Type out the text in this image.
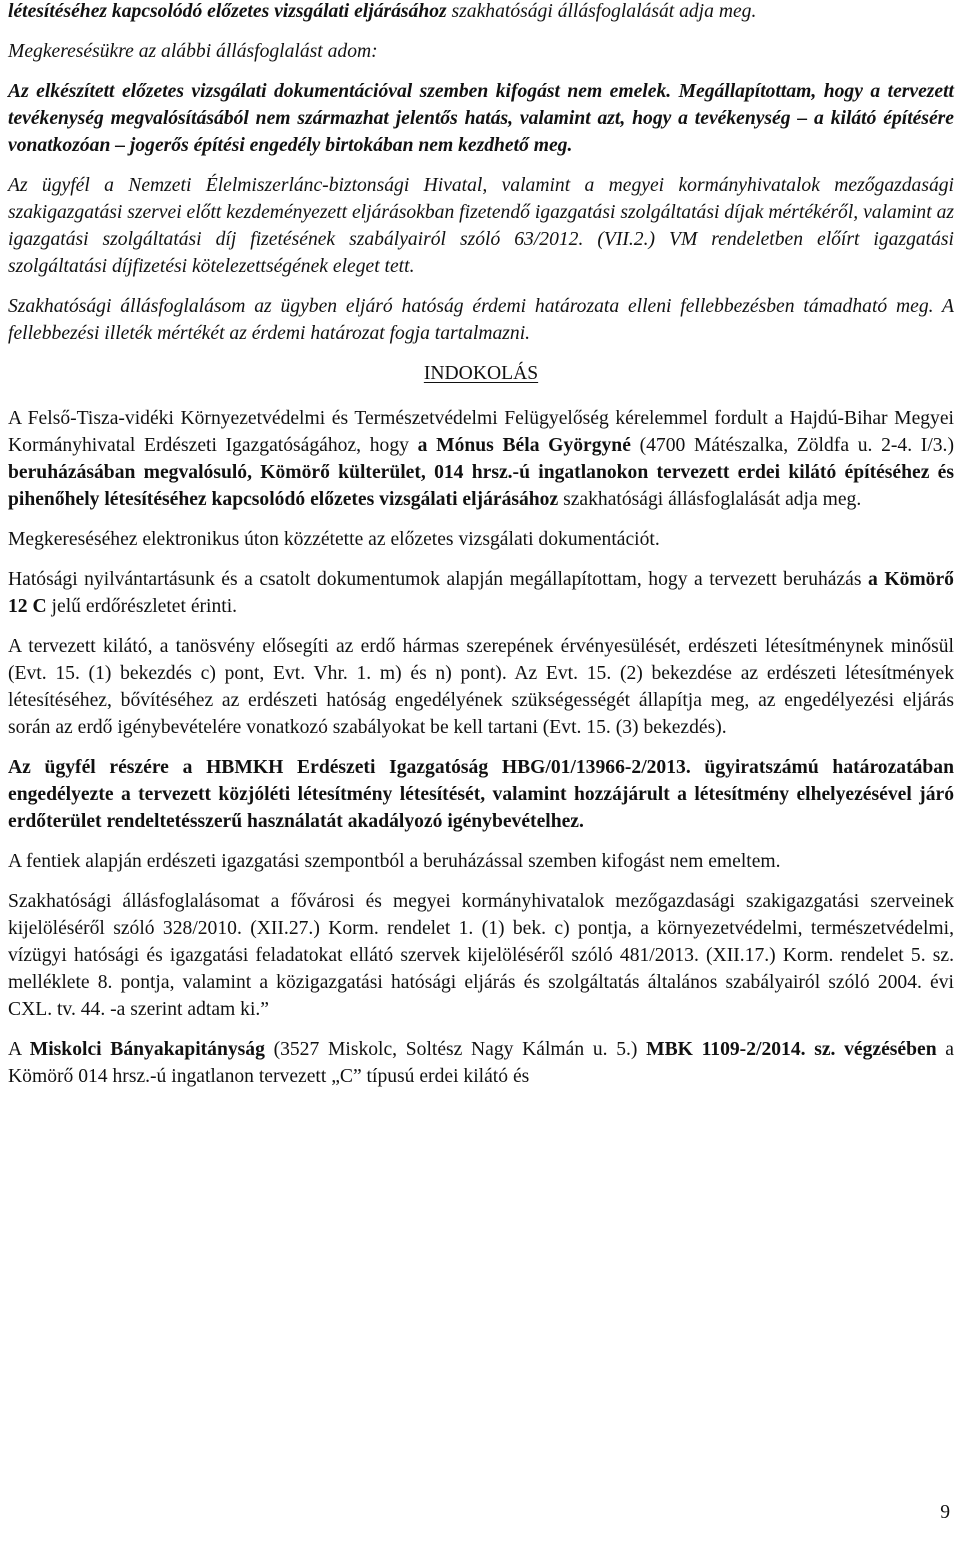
létesítéséhez kapcsolódó előzetes vizsgálati eljárásához szakhatósági állásfoglalását adja meg.

Megkeresésükre az alábbi állásfoglalást adom:

Az elkészített előzetes vizsgálati dokumentációval szemben kifogást nem emelek. Megállapítottam, hogy a tervezett tevékenység megvalósításából nem származhat jelentős hatás, valamint azt, hogy a tevékenység – a kilátó építésére vonatkozóan – jogerős építési engedély birtokában nem kezdhető meg.

Az ügyfél a Nemzeti Élelmiszerlánc-biztonsági Hivatal, valamint a megyei kormányhivatalok mezőgazdasági szakigazgatási szervei előtt kezdeményezett eljárásokban fizetendő igazgatási szolgáltatási díjak mértékéről, valamint az igazgatási szolgáltatási díj fizetésének szabályairól szóló 63/2012. (VII.2.) VM rendeletben előírt igazgatási szolgáltatási díjfizetési kötelezettségének eleget tett.

Szakhatósági állásfoglalásom az ügyben eljáró hatóság érdemi határozata elleni fellebbezésben támadható meg. A fellebbezési illeték mértékét az érdemi határozat fogja tartalmazni.

INDOKOLÁS

A Felső-Tisza-vidéki Környezetvédelmi és Természetvédelmi Felügyelőség kérelemmel fordult a Hajdú-Bihar Megyei Kormányhivatal Erdészeti Igazgatóságához, hogy a Mónus Béla Györgyné (4700 Mátészalka, Zöldfa u. 2-4. I/3.) beruházásában megvalósuló, Kömörő külterület, 014 hrsz.-ú ingatlanokon tervezett erdei kilátó építéséhez és pihenőhely létesítéséhez kapcsolódó előzetes vizsgálati eljárásához szakhatósági állásfoglalását adja meg.

Megkereséséhez elektronikus úton közzétette az előzetes vizsgálati dokumentációt.

Hatósági nyilvántartásunk és a csatolt dokumentumok alapján megállapítottam, hogy a tervezett beruházás a Kömörő 12 C jelű erdőrészletet érinti.

A tervezett kilátó, a tanösvény elősegíti az erdő hármas szerepének érvényesülését, erdészeti létesítménynek minősül (Evt. 15. (1) bekezdés c) pont, Evt. Vhr. 1. m) és n) pont). Az Evt. 15. (2) bekezdése az erdészeti létesítmények létesítéséhez, bővítéséhez az erdészeti hatóság engedélyének szükségességét állapítja meg, az engedélyezési eljárás során az erdő igénybevételére vonatkozó szabályokat be kell tartani (Evt. 15. (3) bekezdés).

Az ügyfél részére a HBMKH Erdészeti Igazgatóság HBG/01/13966-2/2013. ügyiratszámú határozatában engedélyezte a tervezett közjóléti létesítmény létesítését, valamint hozzájárult a létesítmény elhelyezésével járó erdőterület rendeltetésszerű használatát akadályozó igénybevételhez.

A fentiek alapján erdészeti igazgatási szempontból a beruházással szemben kifogást nem emeltem.

Szakhatósági állásfoglalásomat a fővárosi és megyei kormányhivatalok mezőgazdasági szakigazgatási szerveinek kijelöléséről szóló 328/2010. (XII.27.) Korm. rendelet 1. (1) bek. c) pontja, a környezetvédelmi, természetvédelmi, vízügyi hatósági és igazgatási feladatokat ellátó szervek kijelöléséről szóló 481/2013. (XII.17.) Korm. rendelet 5. sz. melléklete 8. pontja, valamint a közigazgatási hatósági eljárás és szolgáltatás általános szabályairól szóló 2004. évi CXL. tv. 44. -a szerint adtam ki.”

A Miskolci Bányakapitányság (3527 Miskolc, Soltész Nagy Kálmán u. 5.) MBK 1109-2/2014. sz. végzésében a Kömörő 014 hrsz.-ú ingatlanon tervezett „C” típusú erdei kilátó és

9
